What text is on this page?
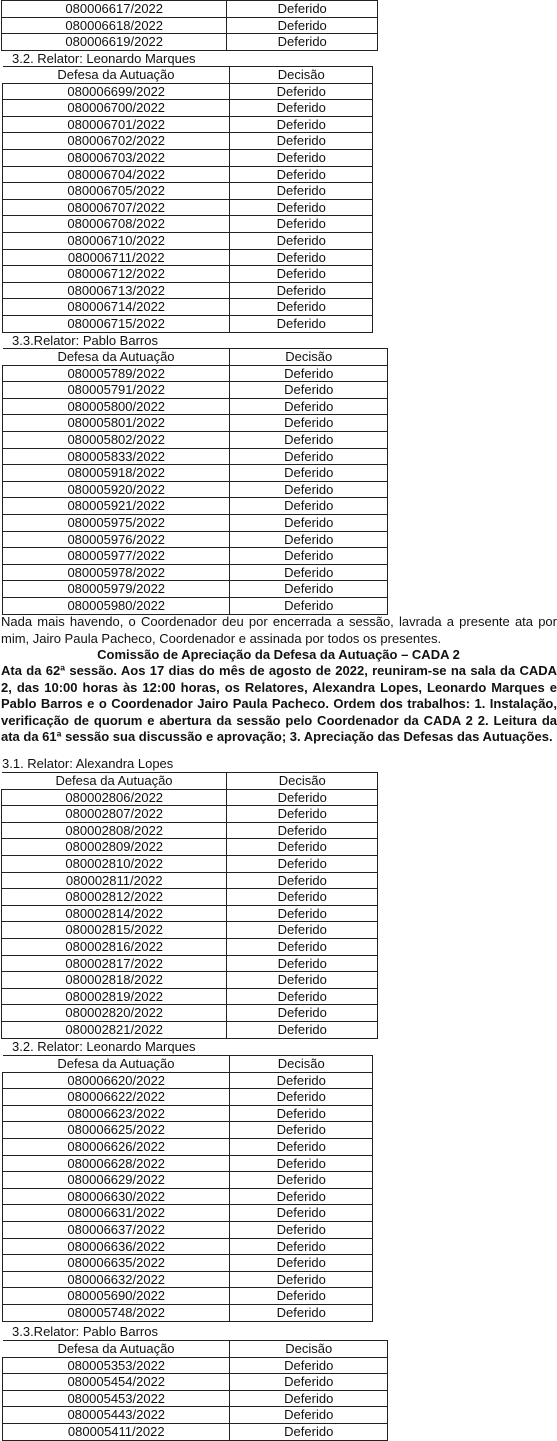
080006617/2022	Deferido
080006618/2022	Deferido
080006619/2022	Deferido
3.2. Relator: Leonardo Marques
Defesa da Autuação	Decisão
080006699/2022	Deferido
080006700/2022	Deferido
080006701/2022	Deferido
080006702/2022	Deferido
080006703/2022	Deferido
080006704/2022	Deferido
080006705/2022	Deferido
080006707/2022	Deferido
080006708/2022	Deferido
080006710/2022	Deferido
080006711/2022	Deferido
080006712/2022	Deferido
080006713/2022	Deferido
080006714/2022	Deferido
080006715/2022	Deferido
3.3.Relator: Pablo Barros
Defesa da Autuação	Decisão
080005789/2022	Deferido
080005791/2022	Deferido
080005800/2022	Deferido
080005801/2022	Deferido
080005802/2022	Deferido
080005833/2022	Deferido
080005918/2022	Deferido
080005920/2022	Deferido
080005921/2022	Deferido
080005975/2022	Deferido
080005976/2022	Deferido
080005977/2022	Deferido
080005978/2022	Deferido
080005979/2022	Deferido
080005980/2022	Deferido
Nada mais havendo, o Coordenador deu por encerrada a sessão, lavrada a presente ata por mim, Jairo Paula Pacheco, Coordenador e assinada por todos os presentes.
Comissão de Apreciação da Defesa da Autuação – CADA 2
Ata da 62ª sessão. Aos 17 dias do mês de agosto de 2022, reuniram-se na sala da CADA 2, das 10:00 horas às 12:00 horas, os Relatores, Alexandra Lopes, Leonardo Marques e Pablo Barros e o Coordenador Jairo Paula Pacheco. Ordem dos trabalhos: 1. Instalação, verificação de quorum e abertura da sessão pelo Coordenador da CADA 2 2. Leitura da ata da 61ª sessão sua discussão e aprovação; 3. Apreciação das Defesas das Autuações.
3.1. Relator: Alexandra Lopes
Defesa da Autuação	Decisão
080002806/2022	Deferido
080002807/2022	Deferido
080002808/2022	Deferido
080002809/2022	Deferido
080002810/2022	Deferido
080002811/2022	Deferido
080002812/2022	Deferido
080002814/2022	Deferido
080002815/2022	Deferido
080002816/2022	Deferido
080002817/2022	Deferido
080002818/2022	Deferido
080002819/2022	Deferido
080002820/2022	Deferido
080002821/2022	Deferido
3.2. Relator: Leonardo Marques
Defesa da Autuação	Decisão
080006620/2022	Deferido
080006622/2022	Deferido
080006623/2022	Deferido
080006625/2022	Deferido
080006626/2022	Deferido
080006628/2022	Deferido
080006629/2022	Deferido
080006630/2022	Deferido
080006631/2022	Deferido
080006637/2022	Deferido
080006636/2022	Deferido
080006635/2022	Deferido
080006632/2022	Deferido
080005690/2022	Deferido
080005748/2022	Deferido
3.3.Relator: Pablo Barros
Defesa da Autuação	Decisão
080005353/2022	Deferido
080005454/2022	Deferido
080005453/2022	Deferido
080005443/2022	Deferido
080005411/2022	Deferido
